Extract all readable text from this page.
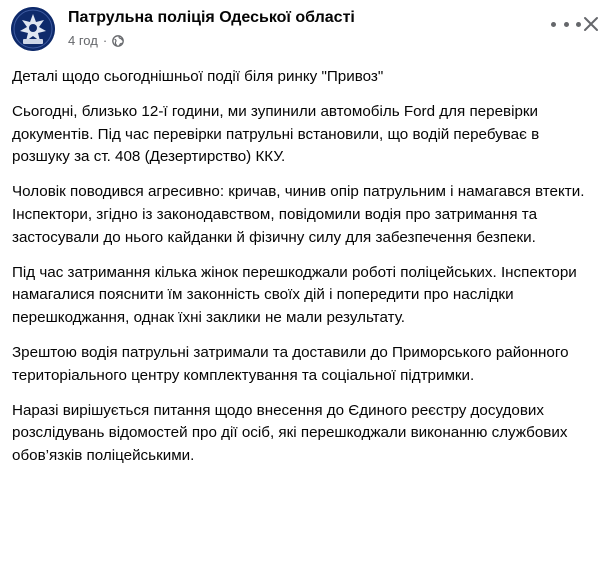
Патрульна поліція Одеської області
4 год ·

Деталі щодо сьогоднішньої події біля ринку "Привоз"

Сьогодні, близько 12-ї години, ми зупинили автомобіль Ford для перевірки документів. Під час перевірки патрульні встановили, що водій перебуває в розшуку за ст. 408 (Дезертирство) ККУ.

Чоловік поводився агресивно: кричав, чинив опір патрульним і намагався втекти. Інспектори, згідно із законодавством, повідомили водія про затримання та застосували до нього кайданки й фізичну силу для забезпечення безпеки.

Під час затримання кілька жінок перешкоджали роботі поліцейських. Інспектори намагалися пояснити їм законність своїх дій і попередити про наслідки перешкоджання, однак їхні заклики не мали результату.

Зрештою водія патрульні затримали та доставили до Приморського районного територіального центру комплектування та соціальної підтримки.

Наразі вирішується питання щодо внесення до Єдиного реєстру досудових розслідувань відомостей про дії осіб, які перешкоджали виконанню службових обов’язків поліцейськими.
